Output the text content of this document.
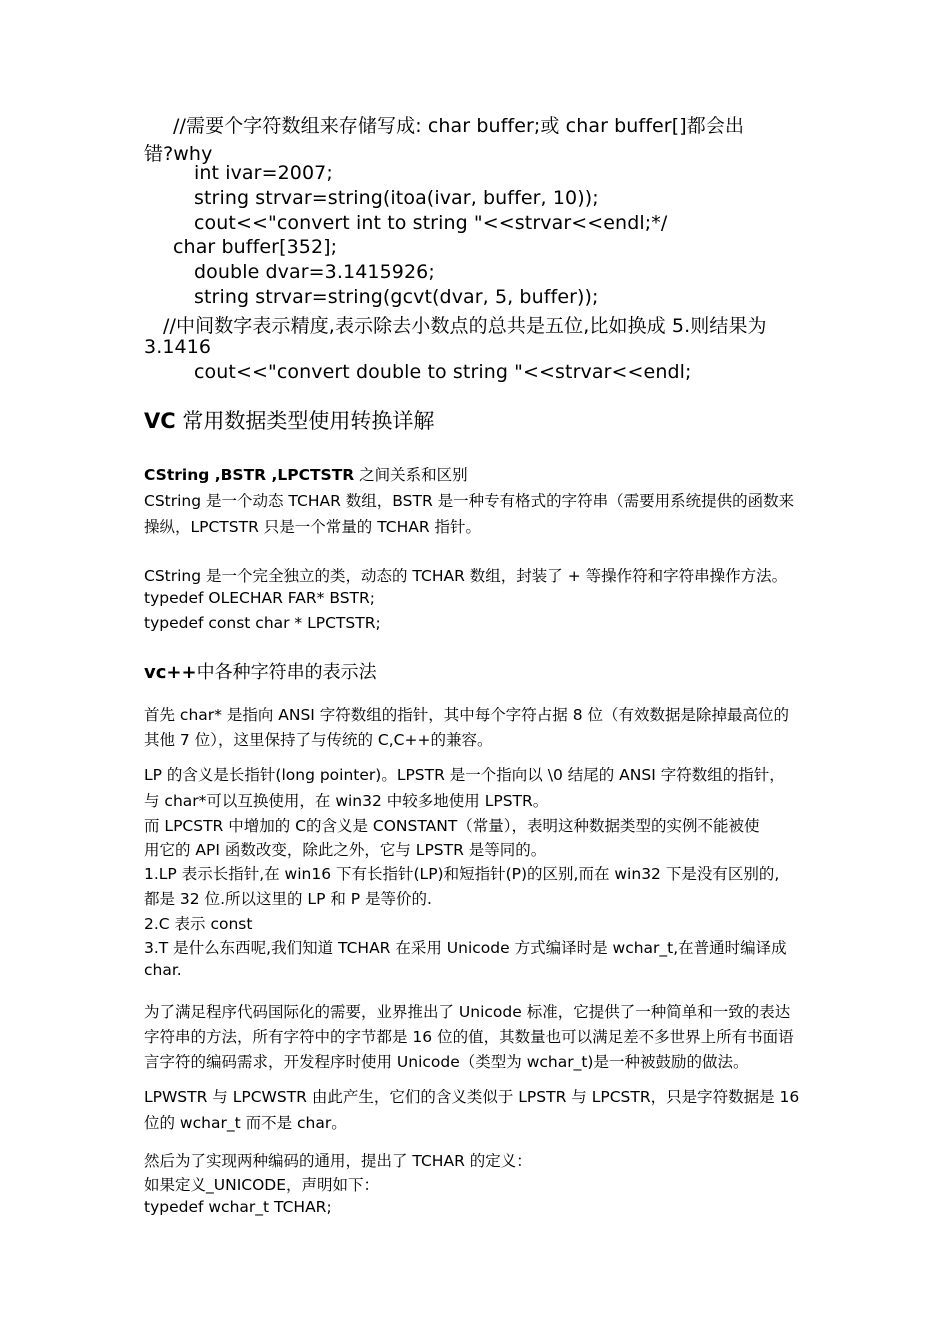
//需要个字符数组来存储写成: char buffer;或 char buffer[]都会出
错?why
int ivar=2007;
string strvar=string(itoa(ivar, buffer, 10));
cout<<"convert int to string "<<strvar<<endl;*/
char buffer[352];
double dvar=3.1415926;
string strvar=string(gcvt(dvar, 5, buffer));
//中间数字表示精度,表示除去小数点的总共是五位,比如换成 5.则结果为
3.1416
cout<<"convert double to string "<<strvar<<endl;
VC 常用数据类型使用转换详解
CString ,BSTR ,LPCTSTR 之间关系和区别
CString 是一个动态 TCHAR 数组，BSTR 是一种专有格式的字符串（需要用系统提供的函数来
操纵，LPCTSTR 只是一个常量的 TCHAR 指针。
CString 是一个完全独立的类，动态的 TCHAR 数组，封装了 + 等操作符和字符串操作方法。
typedef OLECHAR FAR* BSTR;
typedef const char * LPCTSTR;
vc++中各种字符串的表示法
首先 char* 是指向 ANSI 字符数组的指针，其中每个字符占据 8 位（有效数据是除掉最高位的
其他 7 位），这里保持了与传统的 C,C++的兼容。
LP 的含义是长指针(long pointer)。LPSTR 是一个指向以 \0 结尾的 ANSI 字符数组的指针，
与 char*可以互换使用，在 win32 中较多地使用 LPSTR。
而 LPCSTR 中增加的 C的含义是 CONSTANT（常量），表明这种数据类型的实例不能被使
用它的 API 函数改变，除此之外，它与 LPSTR 是等同的。
1.LP 表示长指针,在 win16 下有长指针(LP)和短指针(P)的区别,而在 win32 下是没有区别的,
都是 32 位.所以这里的 LP 和 P 是等价的.
2.C 表示 const
3.T 是什么东西呢,我们知道 TCHAR 在采用 Unicode 方式编译时是 wchar_t,在普通时编译成
char.
为了满足程序代码国际化的需要，业界推出了 Unicode 标准，它提供了一种简单和一致的表达
字符串的方法，所有字符中的字节都是 16 位的值，其数量也可以满足差不多世界上所有书面语
言字符的编码需求，开发程序时使用 Unicode（类型为 wchar_t)是一种被鼓励的做法。
LPWSTR 与 LPCWSTR 由此产生，它们的含义类似于 LPSTR 与 LPCSTR，只是字符数据是 16
位的 wchar_t 而不是 char。
然后为了实现两种编码的通用，提出了 TCHAR 的定义：
如果定义_UNICODE，声明如下：
typedef wchar_t TCHAR;
